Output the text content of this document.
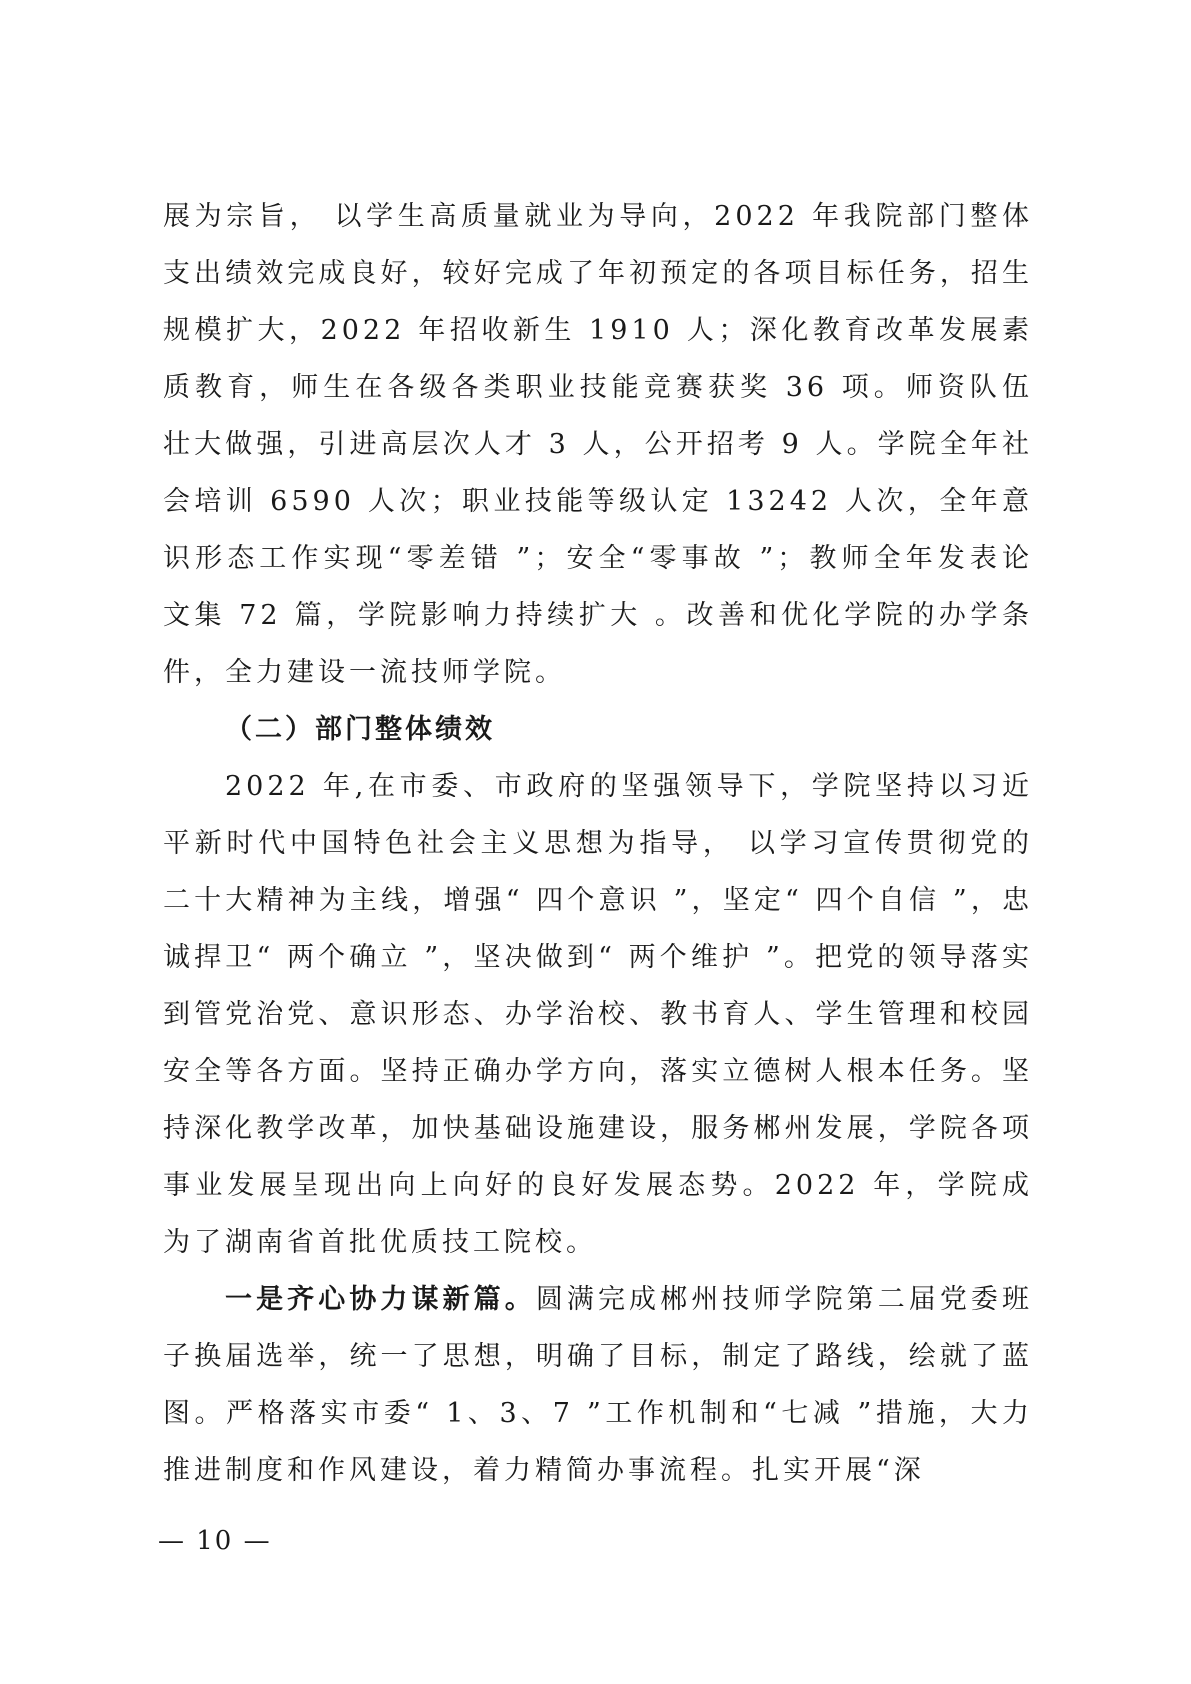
展为宗旨， 以学生高质量就业为导向，2022 年我院部门整体支出绩效完成良好，较好完成了年初预定的各项目标任务，招生规模扩大，2022 年招收新生 1910 人；深化教育改革发展素质教育，师生在各级各类职业技能竞赛获奖 36 项。师资队伍壮大做强，引进高层次人才 3 人，公开招考 9 人。学院全年社会培训 6590 人次；职业技能等级认定 13242 人次，全年意识形态工作实现“零差错 ”；安全“零事故 ”；教师全年发表论文集 72 篇，学院影响力持续扩大 。改善和优化学院的办学条件，全力建设一流技师学院。

（二）部门整体绩效

2022 年,在市委、市政府的坚强领导下，学院坚持以习近平新时代中国特色社会主义思想为指导， 以学习宣传贯彻党的二十大精神为主线，增强“ 四个意识 ”，坚定“ 四个自信 ”，忠诚捍卫“ 两个确立 ”，坚决做到“ 两个维护 ”。把党的领导落实到管党治党、意识形态、办学治校、教书育人、学生管理和校园安全等各方面。坚持正确办学方向，落实立德树人根本任务。坚持深化教学改革，加快基础设施建设，服务郴州发展，学院各项事业发展呈现出向上向好的良好发展态势。2022 年，学院成为了湖南省首批优质技工院校。

一是齐心协力谋新篇。圆满完成郴州技师学院第二届党委班子换届选举，统一了思想，明确了目标，制定了路线，绘就了蓝图。严格落实市委“ 1、3、7 ”工作机制和“七减 ”措施，大力推进制度和作风建设，着力精简办事流程。扎实开展“深

— 10 —
